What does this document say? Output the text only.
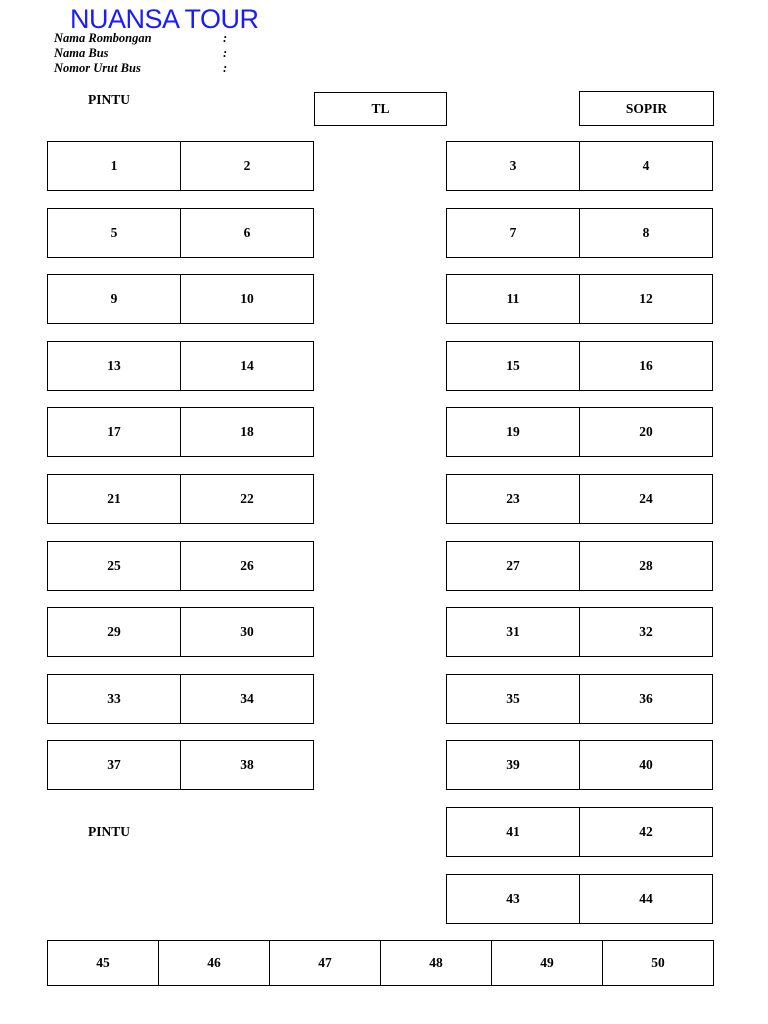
NUANSA TOUR
Nama Rombongan	:
Nama Bus	:
Nomor Urut Bus	:
PINTU
TL	SOPIR
1	2
5	6
9	10
13	14
17	18
21	22
25	26
29	30
33	34
37	38
3	4
7	8
11	12
15	16
19	20
23	24
27	28
31	32
35	36
39	40
41	42
43	44
PINTU
45	46	47	48	49	50
